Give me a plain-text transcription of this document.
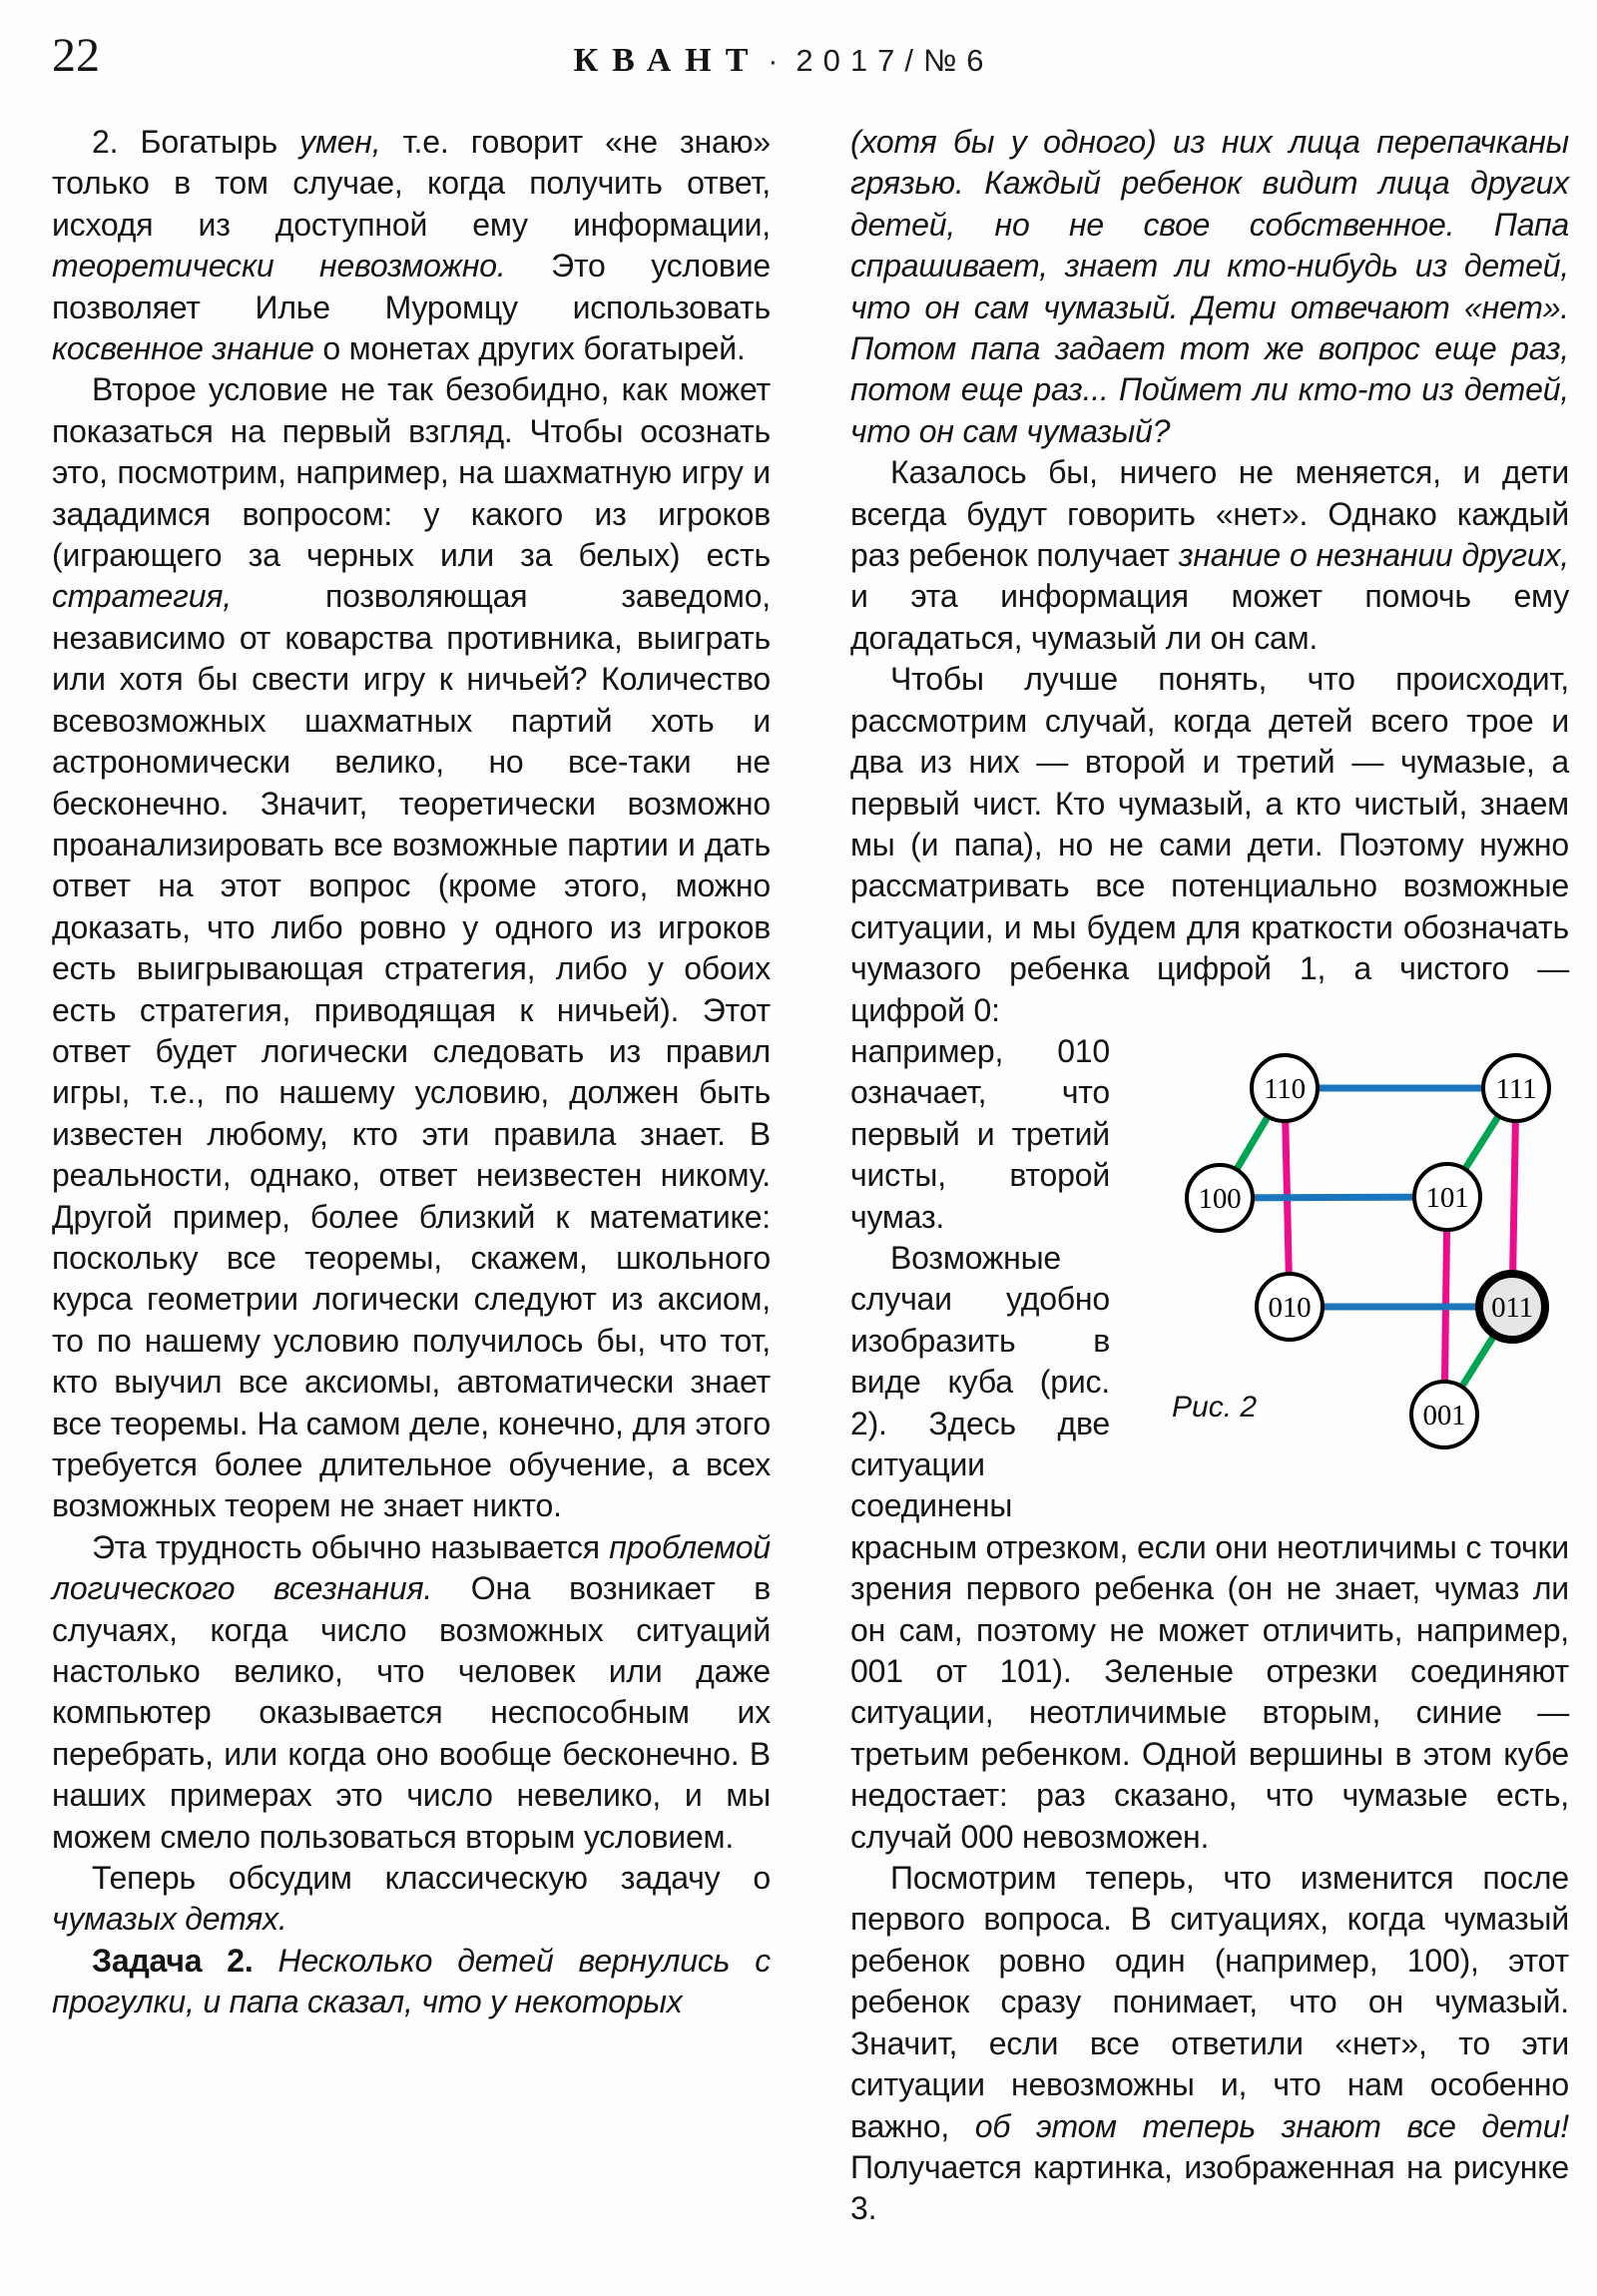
22	КВАНТ · 2017/№6

2. Богатырь умен, т.е. говорит «не знаю» только в том случае, когда получить ответ, исходя из доступной ему информации, теоретически невозможно. Это условие позволяет Илье Муромцу использовать косвенное знание о монетах других богатырей.

Второе условие не так безобидно, как может показаться на первый взгляд. Чтобы осознать это, посмотрим, например, на шахматную игру и зададимся вопросом: у какого из игроков (играющего за черных или за белых) есть стратегия, позволяющая заведомо, независимо от коварства противника, выиграть или хотя бы свести игру к ничьей? Количество всевозможных шахматных партий хоть и астрономически велико, но все-таки не бесконечно. Значит, теоретически возможно проанализировать все возможные партии и дать ответ на этот вопрос (кроме этого, можно доказать, что либо ровно у одного из игроков есть выигрывающая стратегия, либо у обоих есть стратегия, приводящая к ничьей). Этот ответ будет логически следовать из правил игры, т.е., по нашему условию, должен быть известен любому, кто эти правила знает. В реальности, однако, ответ неизвестен никому. Другой пример, более близкий к математике: поскольку все теоремы, скажем, школьного курса геометрии логически следуют из аксиом, то по нашему условию получилось бы, что тот, кто выучил все аксиомы, автоматически знает все теоремы. На самом деле, конечно, для этого требуется более длительное обучение, а всех возможных теорем не знает никто.

Эта трудность обычно называется проблемой логического всезнания. Она возникает в случаях, когда число возможных ситуаций настолько велико, что человек или даже компьютер оказывается неспособным их перебрать, или когда оно вообще бесконечно. В наших примерах это число невелико, и мы можем смело пользоваться вторым условием.

Теперь обсудим классическую задачу о чумазых детях.

Задача 2. Несколько детей вернулись с прогулки, и папа сказал, что у некоторых

(хотя бы у одного) из них лица перепачканы грязью. Каждый ребенок видит лица других детей, но не свое собственное. Папа спрашивает, знает ли кто-нибудь из детей, что он сам чумазый. Дети отвечают «нет». Потом папа задает тот же вопрос еще раз, потом еще раз... Поймет ли кто-то из детей, что он сам чумазый?

Казалось бы, ничего не меняется, и дети всегда будут говорить «нет». Однако каждый раз ребенок получает знание о незнании других, и эта информация может помочь ему догадаться, чумазый ли он сам.

Чтобы лучше понять, что происходит, рассмотрим случай, когда детей всего трое и два из них — второй и третий — чумазые, а первый чист. Кто чумазый, а кто чистый, знаем мы (и папа), но не сами дети. Поэтому нужно рассматривать все потенциально возможные ситуации, и мы будем для краткости обозначать чумазого ребенка цифрой 1, а чистого — цифрой 0:

110	111
100	101
010	011
001
Рис. 2

например, 010 означает, что первый и третий чисты, второй чумаз.

Возможные случаи удобно изобразить в виде куба (рис. 2). Здесь две ситуации соединены красным отрезком, если они неотличимы с точки зрения первого ребенка (он не знает, чумаз ли он сам, поэтому не может отличить, например, 001 от 101). Зеленые отрезки соединяют ситуации, неотличимые вторым, синие — третьим ребенком. Одной вершины в этом кубе недостает: раз сказано, что чумазые есть, случай 000 невозможен.

Посмотрим теперь, что изменится после первого вопроса. В ситуациях, когда чумазый ребенок ровно один (например, 100), этот ребенок сразу понимает, что он чумазый. Значит, если все ответили «нет», то эти ситуации невозможны и, что нам особенно важно, об этом теперь знают все дети! Получается картинка, изображенная на рисунке 3.
